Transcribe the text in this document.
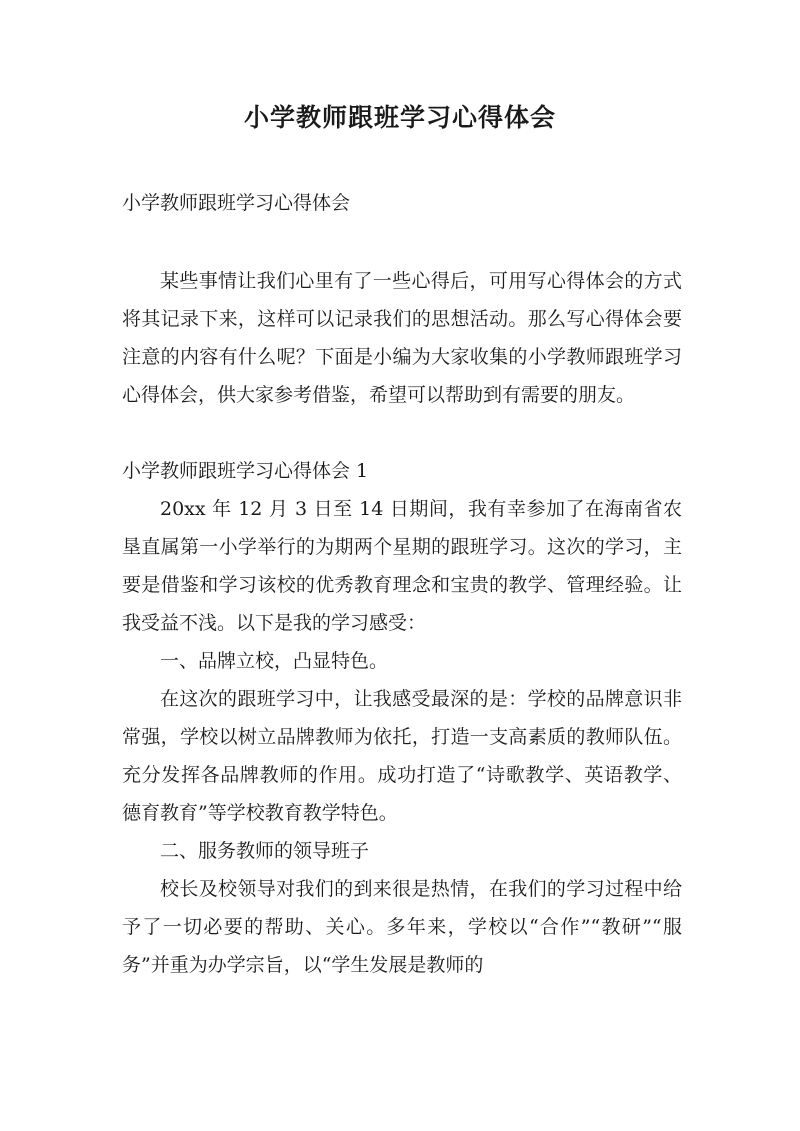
小学教师跟班学习心得体会

小学教师跟班学习心得体会

某些事情让我们心里有了一些心得后，可用写心得体会的方式将其记录下来，这样可以记录我们的思想活动。那么写心得体会要注意的内容有什么呢？下面是小编为大家收集的小学教师跟班学习心得体会，供大家参考借鉴，希望可以帮助到有需要的朋友。

小学教师跟班学习心得体会 1

20xx 年 12 月 3 日至 14 日期间，我有幸参加了在海南省农垦直属第一小学举行的为期两个星期的跟班学习。这次的学习，主要是借鉴和学习该校的优秀教育理念和宝贵的教学、管理经验。让我受益不浅。以下是我的学习感受：

一、品牌立校，凸显特色。

在这次的跟班学习中，让我感受最深的是：学校的品牌意识非常强，学校以树立品牌教师为依托，打造一支高素质的教师队伍。充分发挥各品牌教师的作用。成功打造了“诗歌教学、英语教学、德育教育”等学校教育教学特色。

二、服务教师的领导班子

校长及校领导对我们的到来很是热情，在我们的学习过程中给予了一切必要的帮助、关心。多年来，学校以“合作”“教研”“服务”并重为办学宗旨，以“学生发展是教师的
